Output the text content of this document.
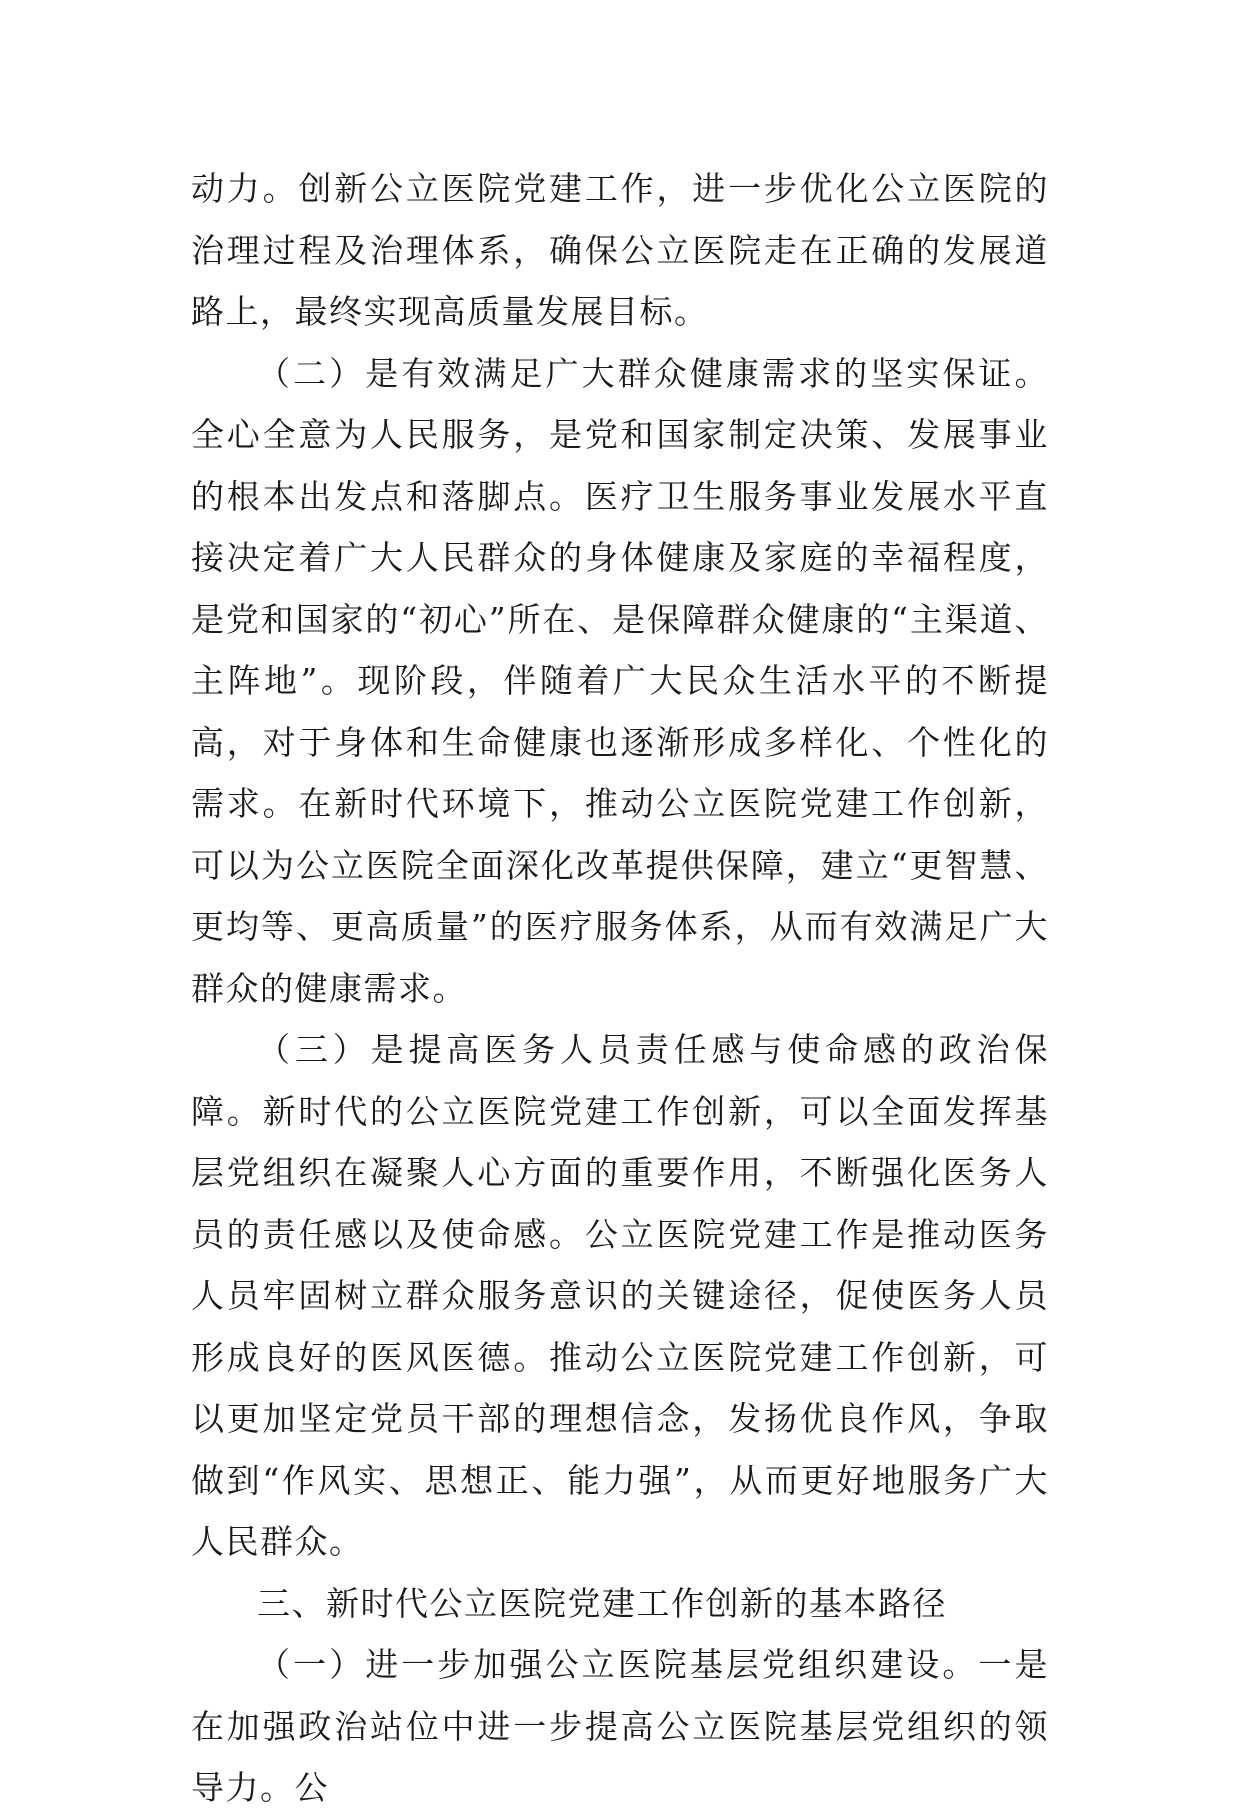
动力。创新公立医院党建工作，进一步优化公立医院的治理过程及治理体系，确保公立医院走在正确的发展道路上，最终实现高质量发展目标。

（二）是有效满足广大群众健康需求的坚实保证。全心全意为人民服务，是党和国家制定决策、发展事业的根本出发点和落脚点。医疗卫生服务事业发展水平直接决定着广大人民群众的身体健康及家庭的幸福程度，是党和国家的“初心”所在、是保障群众健康的“主渠道、主阵地”。现阶段，伴随着广大民众生活水平的不断提高，对于身体和生命健康也逐渐形成多样化、个性化的需求。在新时代环境下，推动公立医院党建工作创新，可以为公立医院全面深化改革提供保障，建立“更智慧、更均等、更高质量”的医疗服务体系，从而有效满足广大群众的健康需求。

（三）是提高医务人员责任感与使命感的政治保障。新时代的公立医院党建工作创新，可以全面发挥基层党组织在凝聚人心方面的重要作用，不断强化医务人员的责任感以及使命感。公立医院党建工作是推动医务人员牢固树立群众服务意识的关键途径，促使医务人员形成良好的医风医德。推动公立医院党建工作创新，可以更加坚定党员干部的理想信念，发扬优良作风，争取做到“作风实、思想正、能力强”，从而更好地服务广大人民群众。

三、新时代公立医院党建工作创新的基本路径

（一）进一步加强公立医院基层党组织建设。一是在加强政治站位中进一步提高公立医院基层党组织的领导力。公
